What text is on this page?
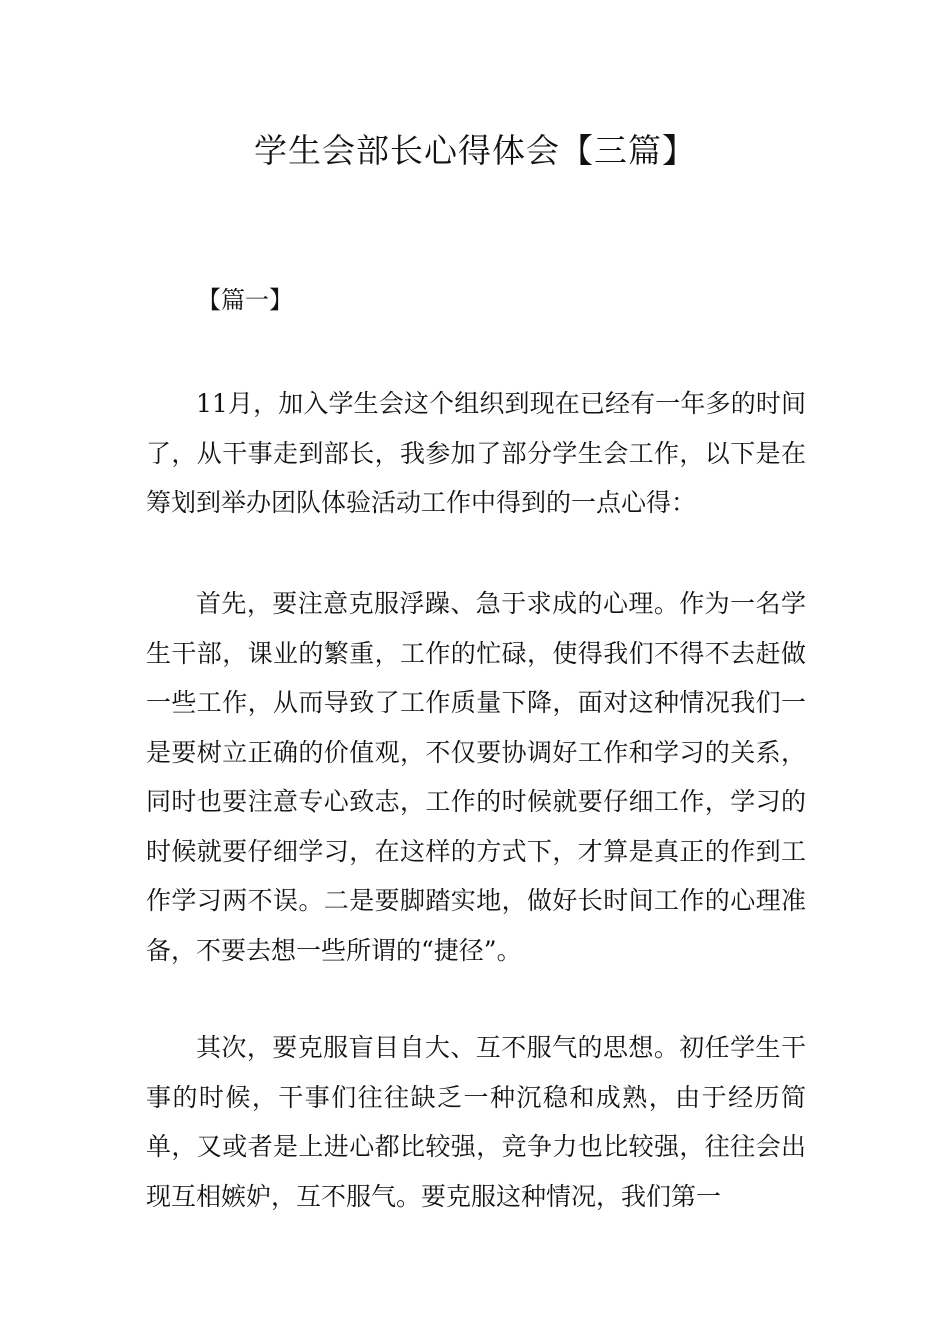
学生会部长心得体会【三篇】

【篇一】

11月，加入学生会这个组织到现在已经有一年多的时间了，从干事走到部长，我参加了部分学生会工作，以下是在筹划到举办团队体验活动工作中得到的一点心得：

首先，要注意克服浮躁、急于求成的心理。作为一名学生干部，课业的繁重，工作的忙碌，使得我们不得不去赶做一些工作，从而导致了工作质量下降，面对这种情况我们一是要树立正确的价值观，不仅要协调好工作和学习的关系，同时也要注意专心致志，工作的时候就要仔细工作，学习的时候就要仔细学习，在这样的方式下，才算是真正的作到工作学习两不误。二是要脚踏实地，做好长时间工作的心理准备，不要去想一些所谓的“捷径”。

其次，要克服盲目自大、互不服气的思想。初任学生干事的时候，干事们往往缺乏一种沉稳和成熟，由于经历简单，又或者是上进心都比较强，竞争力也比较强，往往会出现互相嫉妒，互不服气。要克服这种情况，我们第一
